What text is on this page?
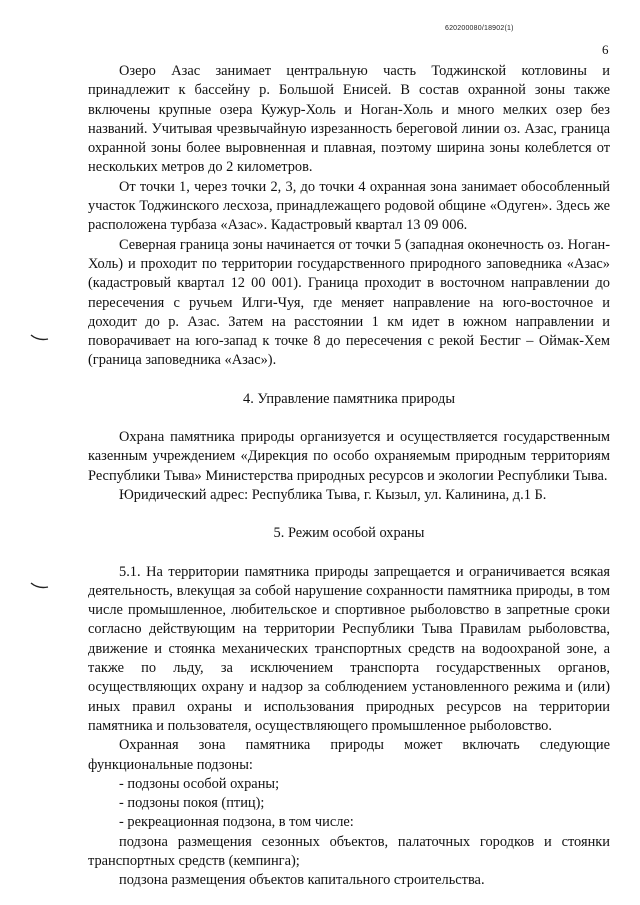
620200080/18902(1)
6

Озеро Азас занимает центральную часть Тоджинской котловины и принадлежит к бассейну р. Большой Енисей. В состав охранной зоны также включены крупные озера Кужур-Холь и Ноган-Холь и много мелких озер без названий. Учитывая чрезвычайную изрезанность береговой линии оз. Азас, граница охранной зоны более выровненная и плавная, поэтому ширина зоны колеблется от нескольких метров до 2 километров.

От точки 1, через точки 2, 3, до точки 4 охранная зона занимает обособленный участок Тоджинского лесхоза, принадлежащего родовой общине «Одуген». Здесь же расположена турбаза «Азас». Кадастровый квартал 13 09 006.

Северная граница зоны начинается от точки 5 (западная оконечность оз. Ноган-Холь) и проходит по территории государственного природного заповедника «Азас» (кадастровый квартал 12 00 001). Граница проходит в восточном направлении до пересечения с ручьем Илги-Чуя, где меняет направление на юго-восточное и доходит до р. Азас. Затем на расстоянии 1 км идет в южном направлении и поворачивает на юго-запад к точке 8 до пересечения с рекой Бестиг – Оймак-Хем (граница заповедника «Азас»).

4. Управление памятника природы

Охрана памятника природы организуется и осуществляется государственным казенным учреждением «Дирекция по особо охраняемым природным территориям Республики Тыва» Министерства природных ресурсов и экологии Республики Тыва.

Юридический адрес: Республика Тыва, г. Кызыл, ул. Калинина, д.1 Б.

5. Режим особой охраны

5.1. На территории памятника природы запрещается и ограничивается всякая деятельность, влекущая за собой нарушение сохранности памятника природы, в том числе промышленное, любительское и спортивное рыболовство в запретные сроки согласно действующим на территории Республики Тыва Правилам рыболовства, движение и стоянка механических транспортных средств на водоохраной зоне, а также по льду, за исключением транспорта государственных органов, осуществляющих охрану и надзор за соблюдением установленного режима и (или) иных правил охраны и использования природных ресурсов на территории памятника и пользователя, осуществляющего промышленное рыболовство.

Охранная зона памятника природы может включать следующие функциональные подзоны:

- подзоны особой охраны;

- подзоны покоя (птиц);

- рекреационная подзона, в том числе:

подзона размещения сезонных объектов, палаточных городков и стоянки транспортных средств (кемпинга);

подзона размещения объектов капитального строительства.
